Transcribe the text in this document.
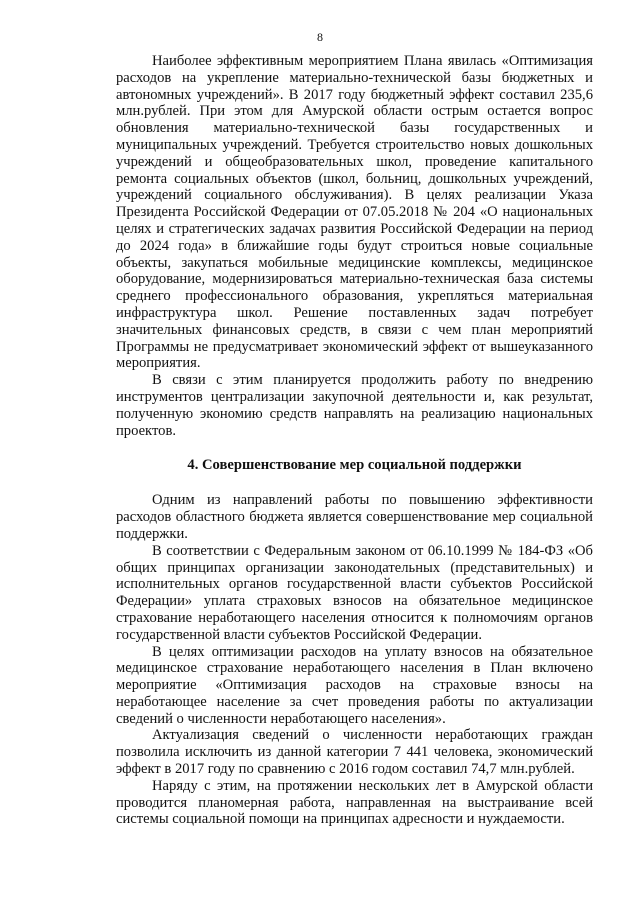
8

Наиболее эффективным мероприятием Плана явилась «Оптимизация расходов на укрепление материально-технической базы бюджетных и автономных учреждений». В 2017 году бюджетный эффект составил 235,6 млн.рублей. При этом для Амурской области острым остается вопрос обновления материально-технической базы государственных и муниципальных учреждений. Требуется строительство новых дошкольных учреждений и общеобразовательных школ, проведение капитального ремонта социальных объектов (школ, больниц, дошкольных учреждений, учреждений социального обслуживания). В целях реализации Указа Президента Российской Федерации от 07.05.2018 № 204 «О национальных целях и стратегических задачах развития Российской Федерации на период до 2024 года» в ближайшие годы будут строиться новые социальные объекты, закупаться мобильные медицинские комплексы, медицинское оборудование, модернизироваться материально-техническая база системы среднего профессионального образования, укрепляться материальная инфраструктура школ. Решение поставленных задач потребует значительных финансовых средств, в связи с чем план мероприятий Программы не предусматривает экономический эффект от вышеуказанного мероприятия.

В связи с этим планируется продолжить работу по внедрению инструментов централизации закупочной деятельности и, как результат, полученную экономию средств направлять на реализацию национальных проектов.

4. Совершенствование мер социальной поддержки

Одним из направлений работы по повышению эффективности расходов областного бюджета является совершенствование мер социальной поддержки.

В соответствии с Федеральным законом от 06.10.1999 № 184-ФЗ «Об общих принципах организации законодательных (представительных) и исполнительных органов государственной власти субъектов Российской Федерации» уплата страховых взносов на обязательное медицинское страхование неработающего населения относится к полномочиям органов государственной власти субъектов Российской Федерации.

В целях оптимизации расходов на уплату взносов на обязательное медицинское страхование неработающего населения в План включено мероприятие «Оптимизация расходов на страховые взносы на неработающее население за счет проведения работы по актуализации сведений о численности неработающего населения».

Актуализация сведений о численности неработающих граждан позволила исключить из данной категории 7 441 человека, экономический эффект в 2017 году по сравнению с 2016 годом составил 74,7 млн.рублей.

Наряду с этим, на протяжении нескольких лет в Амурской области проводится планомерная работа, направленная на выстраивание всей системы социальной помощи на принципах адресности и нуждаемости.
